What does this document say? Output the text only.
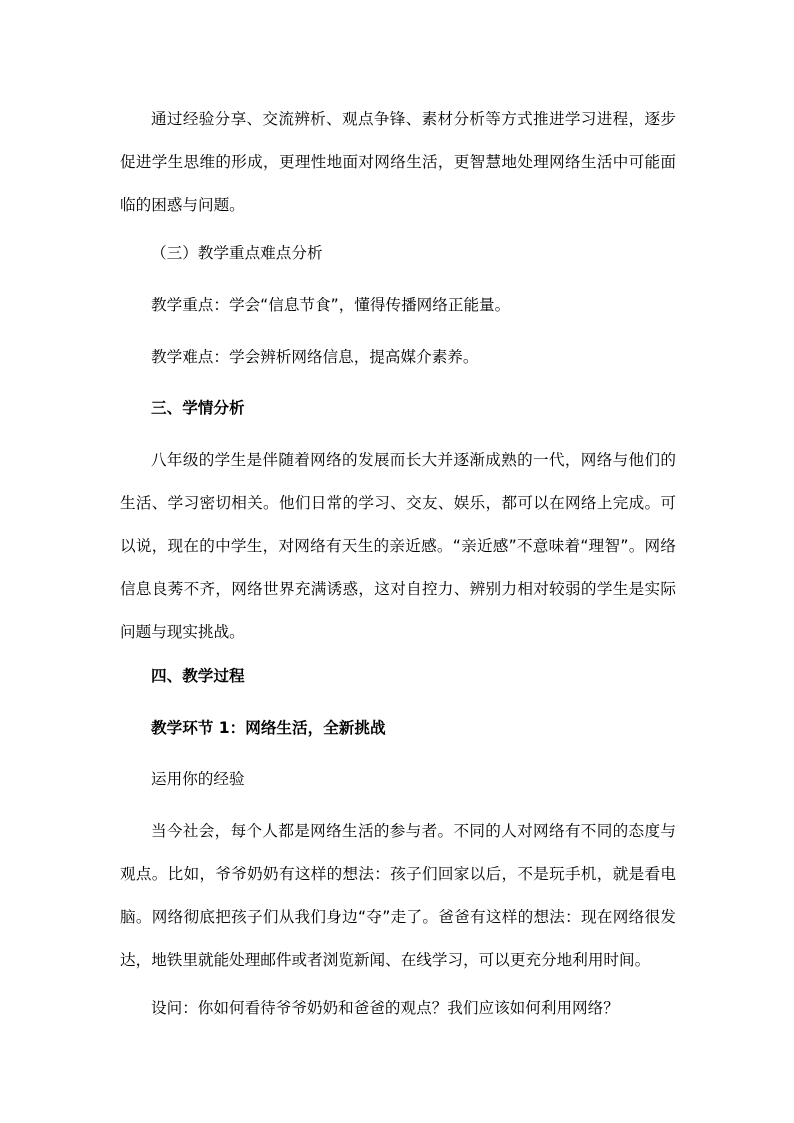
通过经验分享、交流辨析、观点争锋、素材分析等方式推进学习进程，逐步促进学生思维的形成，更理性地面对网络生活，更智慧地处理网络生活中可能面临的困惑与问题。

（三）教学重点难点分析

教学重点：学会“信息节食”，懂得传播网络正能量。

教学难点：学会辨析网络信息，提高媒介素养。

三、学情分析

八年级的学生是伴随着网络的发展而长大并逐渐成熟的一代，网络与他们的生活、学习密切相关。他们日常的学习、交友、娱乐，都可以在网络上完成。可以说，现在的中学生，对网络有天生的亲近感。“亲近感”不意味着“理智”。网络信息良莠不齐，网络世界充满诱惑，这对自控力、辨别力相对较弱的学生是实际问题与现实挑战。

四、教学过程

教学环节 1：网络生活，全新挑战

运用你的经验

当今社会，每个人都是网络生活的参与者。不同的人对网络有不同的态度与观点。比如，爷爷奶奶有这样的想法：孩子们回家以后，不是玩手机，就是看电脑。网络彻底把孩子们从我们身边“夺”走了。爸爸有这样的想法：现在网络很发达，地铁里就能处理邮件或者浏览新闻、在线学习，可以更充分地利用时间。

设问：你如何看待爷爷奶奶和爸爸的观点？我们应该如何利用网络？
